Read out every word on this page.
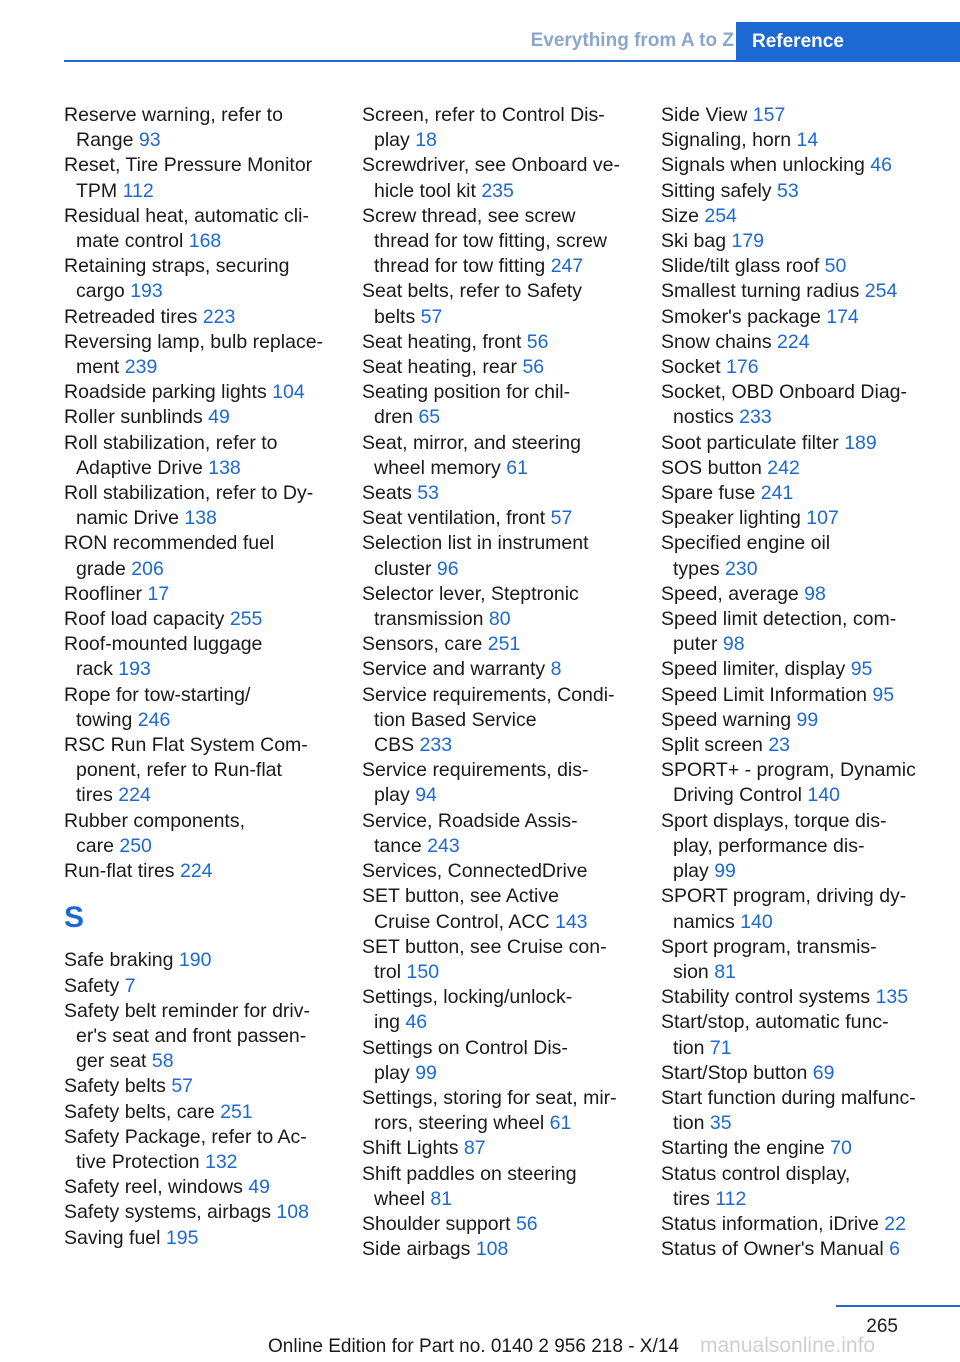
Everything from A to Z Reference
Reserve warning, refer to
Range 93
Reset, Tire Pressure Monitor
TPM 112
Residual heat, automatic cli-
mate control 168
Retaining straps, securing
cargo 193
Retreaded tires 223
Reversing lamp, bulb replace-
ment 239
Roadside parking lights 104
Roller sunblinds 49
Roll stabilization, refer to
Adaptive Drive 138
Roll stabilization, refer to Dy-
namic Drive 138
RON recommended fuel
grade 206
Roofliner 17
Roof load capacity 255
Roof-mounted luggage
rack 193
Rope for tow-starting/
towing 246
RSC Run Flat System Com-
ponent, refer to Run-flat
tires 224
Rubber components,
care 250
Run-flat tires 224
S
Safe braking 190
Safety 7
Safety belt reminder for driv-
er's seat and front passen-
ger seat 58
Safety belts 57
Safety belts, care 251
Safety Package, refer to Ac-
tive Protection 132
Safety reel, windows 49
Safety systems, airbags 108
Saving fuel 195
Screen, refer to Control Dis-
play 18
Screwdriver, see Onboard ve-
hicle tool kit 235
Screw thread, see screw
thread for tow fitting, screw
thread for tow fitting 247
Seat belts, refer to Safety
belts 57
Seat heating, front 56
Seat heating, rear 56
Seating position for chil-
dren 65
Seat, mirror, and steering
wheel memory 61
Seats 53
Seat ventilation, front 57
Selection list in instrument
cluster 96
Selector lever, Steptronic
transmission 80
Sensors, care 251
Service and warranty 8
Service requirements, Condi-
tion Based Service
CBS 233
Service requirements, dis-
play 94
Service, Roadside Assis-
tance 243
Services, ConnectedDrive
SET button, see Active
Cruise Control, ACC 143
SET button, see Cruise con-
trol 150
Settings, locking/unlock-
ing 46
Settings on Control Dis-
play 99
Settings, storing for seat, mir-
rors, steering wheel 61
Shift Lights 87
Shift paddles on steering
wheel 81
Shoulder support 56
Side airbags 108
Side View 157
Signaling, horn 14
Signals when unlocking 46
Sitting safely 53
Size 254
Ski bag 179
Slide/tilt glass roof 50
Smallest turning radius 254
Smoker's package 174
Snow chains 224
Socket 176
Socket, OBD Onboard Diag-
nostics 233
Soot particulate filter 189
SOS button 242
Spare fuse 241
Speaker lighting 107
Specified engine oil
types 230
Speed, average 98
Speed limit detection, com-
puter 98
Speed limiter, display 95
Speed Limit Information 95
Speed warning 99
Split screen 23
SPORT+ - program, Dynamic
Driving Control 140
Sport displays, torque dis-
play, performance dis-
play 99
SPORT program, driving dy-
namics 140
Sport program, transmis-
sion 81
Stability control systems 135
Start/stop, automatic func-
tion 71
Start/Stop button 69
Start function during malfunc-
tion 35
Starting the engine 70
Status control display,
tires 112
Status information, iDrive 22
Status of Owner's Manual 6
265
Online Edition for Part no. 0140 2 956 218 - X/14 manualsonline.info
